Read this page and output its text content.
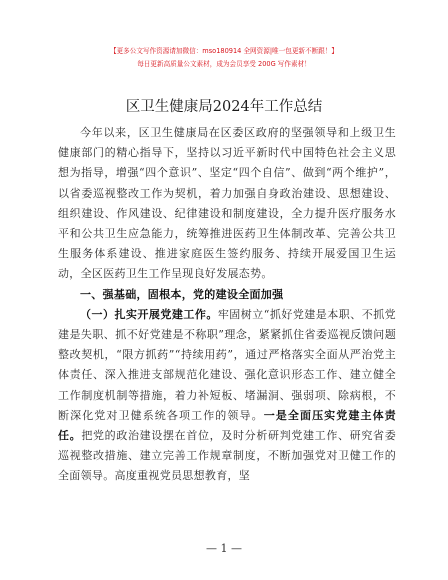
【更多公文写作资源请加微信：mso180914 全网资源|唯一包更新不断跟！】
每日更新高质量公文素材，成为会员享受 200G 写作素材！
区卫生健康局2024年工作总结

今年以来，区卫生健康局在区委区政府的坚强领导和上级卫生健康部门的精心指导下，坚持以习近平新时代中国特色社会主义思想为指导，增强“四个意识”、坚定“四个自信”、做到“两个维护”，以省委巡视整改工作为契机，着力加强自身政治建设、思想建设、组织建设、作风建设、纪律建设和制度建设，全力提升医疗服务水平和公共卫生应急能力，统筹推进医药卫生体制改革、完善公共卫生服务体系建设、推进家庭医生签约服务、持续开展爱国卫生运动，全区医药卫生工作呈现良好发展态势。

一、强基础，固根本，党的建设全面加强

（一）扎实开展党建工作。牢固树立“抓好党建是本职、不抓党建是失职、抓不好党建是不称职”理念，紧紧抓住省委巡视反馈问题整改契机，“限方抓药”“持续用药”，通过严格落实全面从严治党主体责任、深入推进支部规范化建设、强化意识形态工作、建立健全工作制度机制等措施，着力补短板、堵漏洞、强弱项、除病根，不断深化党对卫健系统各项工作的领导。一是全面压实党建主体责任。把党的政治建设摆在首位，及时分析研判党建工作、研究省委巡视整改措施、建立完善工作规章制度，不断加强党对卫健工作的全面领导。高度重视党员思想教育，坚

— 1 —
